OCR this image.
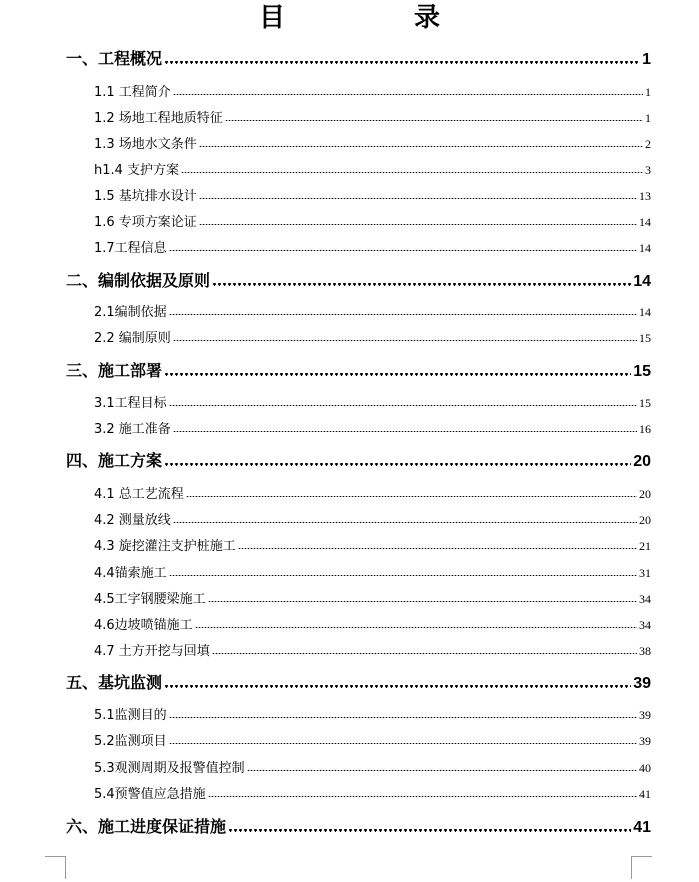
目 录
一、工程概况	1
1.1 工程简介	1
1.2 场地工程地质特征	1
1.3 场地水文条件	2
h1.4 支护方案	3
1.5 基坑排水设计	13
1.6 专项方案论证	14
1.7工程信息	14
二、编制依据及原则	14
2.1编制依据	14
2.2 编制原则	15
三、施工部署	15
3.1工程目标	15
3.2 施工准备	16
四、施工方案	20
4.1 总工艺流程	20
4.2 测量放线	20
4.3 旋挖灌注支护桩施工	21
4.4锚索施工	31
4.5工字钢腰梁施工	34
4.6边坡喷锚施工	34
4.7 土方开挖与回填	38
五、基坑监测	39
5.1监测目的	39
5.2监测项目	39
5.3观测周期及报警值控制	40
5.4预警值应急措施	41
六、施工进度保证措施	41
